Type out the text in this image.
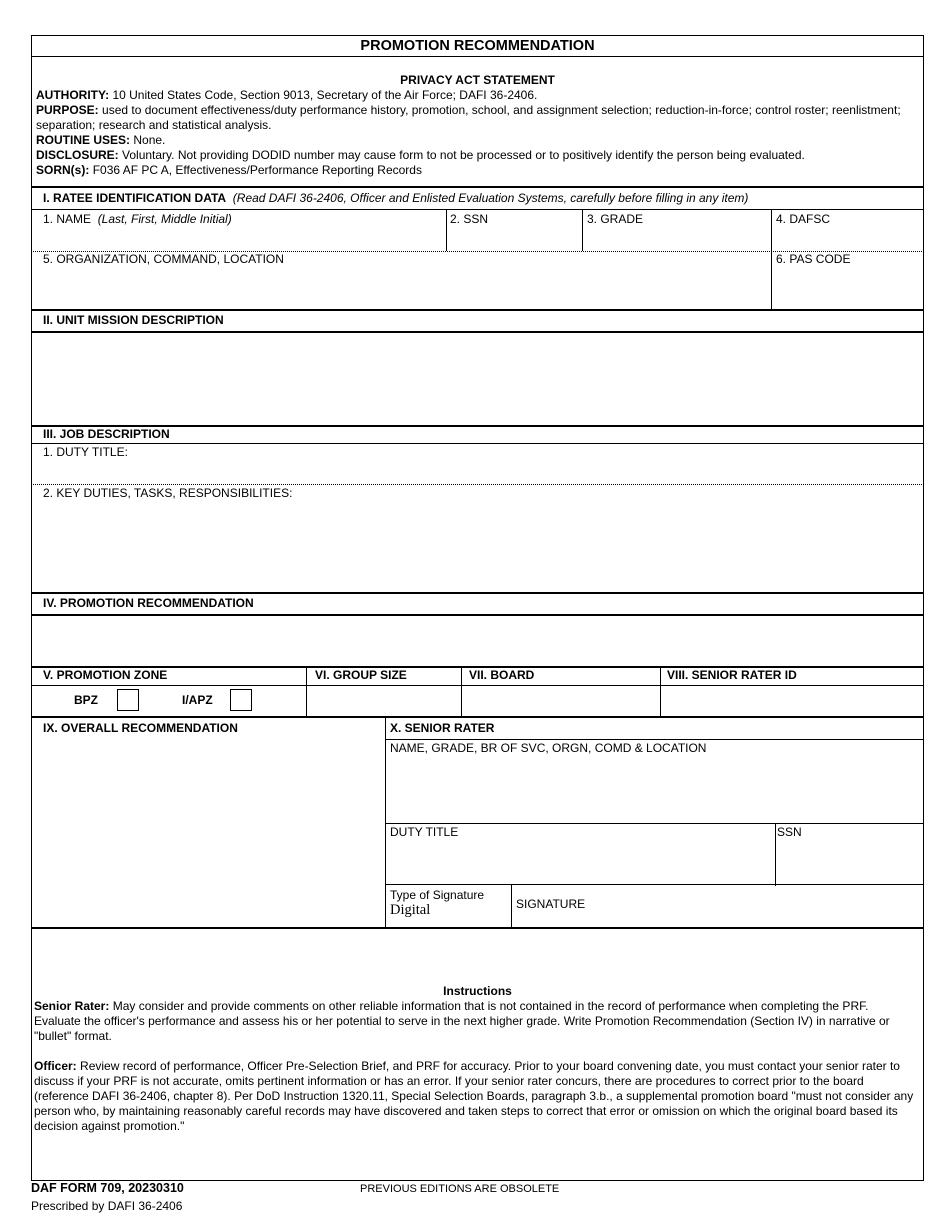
PROMOTION RECOMMENDATION
PRIVACY ACT STATEMENT
AUTHORITY: 10 United States Code, Section 9013, Secretary of the Air Force; DAFI 36-2406.
PURPOSE: used to document effectiveness/duty performance history, promotion, school, and assignment selection; reduction-in-force; control roster; reenlistment; separation; research and statistical analysis.
ROUTINE USES: None.
DISCLOSURE: Voluntary. Not providing DODID number may cause form to not be processed or to positively identify the person being evaluated.
SORN(s): F036 AF PC A, Effectiveness/Performance Reporting Records
I. RATEE IDENTIFICATION DATA (Read DAFI 36-2406, Officer and Enlisted Evaluation Systems, carefully before filling in any item)
1. NAME (Last, First, Middle Initial)	2. SSN	3. GRADE	4. DAFSC
5. ORGANIZATION, COMMAND, LOCATION	6. PAS CODE
II. UNIT MISSION DESCRIPTION
III. JOB DESCRIPTION
1. DUTY TITLE:
2. KEY DUTIES, TASKS, RESPONSIBILITIES:
IV. PROMOTION RECOMMENDATION
V. PROMOTION ZONE	VI. GROUP SIZE	VII. BOARD	VIII. SENIOR RATER ID
BPZ	I/APZ
IX. OVERALL RECOMMENDATION	X. SENIOR RATER
NAME, GRADE, BR OF SVC, ORGN, COMD & LOCATION
DUTY TITLE	SSN
Type of Signature
Digital	SIGNATURE
Instructions
Senior Rater: May consider and provide comments on other reliable information that is not contained in the record of performance when completing the PRF. Evaluate the officer's performance and assess his or her potential to serve in the next higher grade. Write Promotion Recommendation (Section IV) in narrative or "bullet" format.
Officer: Review record of performance, Officer Pre-Selection Brief, and PRF for accuracy. Prior to your board convening date, you must contact your senior rater to discuss if your PRF is not accurate, omits pertinent information or has an error. If your senior rater concurs, there are procedures to correct prior to the board (reference DAFI 36-2406, chapter 8). Per DoD Instruction 1320.11, Special Selection Boards, paragraph 3.b., a supplemental promotion board "must not consider any person who, by maintaining reasonably careful records may have discovered and taken steps to correct that error or omission on which the original board based its decision against promotion."
DAF FORM 709, 20230310	PREVIOUS EDITIONS ARE OBSOLETE
Prescribed by DAFI 36-2406
